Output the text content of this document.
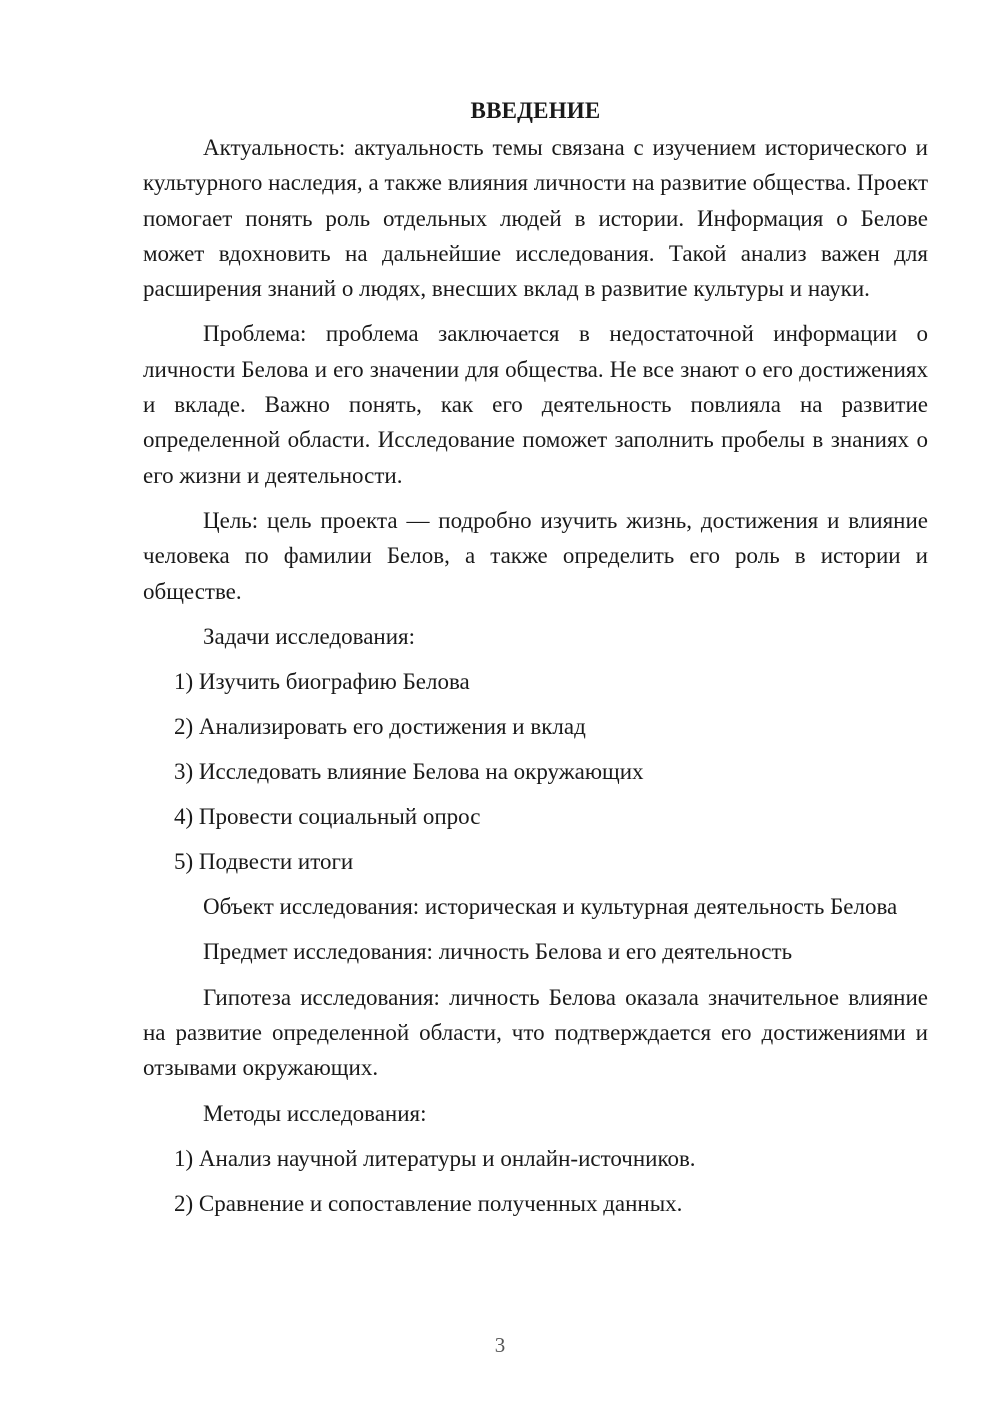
ВВЕДЕНИЕ

Актуальность: актуальность темы связана с изучением исторического и культурного наследия, а также влияния личности на развитие общества. Проект помогает понять роль отдельных людей в истории. Информация о Белове может вдохновить на дальнейшие исследования. Такой анализ важен для расширения знаний о людях, внесших вклад в развитие культуры и науки.

Проблема: проблема заключается в недостаточной информации о личности Белова и его значении для общества. Не все знают о его достижениях и вкладе. Важно понять, как его деятельность повлияла на развитие определенной области. Исследование поможет заполнить пробелы в знаниях о его жизни и деятельности.

Цель: цель проекта — подробно изучить жизнь, достижения и влияние человека по фамилии Белов, а также определить его роль в истории и обществе.

Задачи исследования:

1) Изучить биографию Белова
2) Анализировать его достижения и вклад
3) Исследовать влияние Белова на окружающих
4) Провести социальный опрос
5) Подвести итоги

Объект исследования: историческая и культурная деятельность Белова

Предмет исследования: личность Белова и его деятельность

Гипотеза исследования: личность Белова оказала значительное влияние на развитие определенной области, что подтверждается его достижениями и отзывами окружающих.

Методы исследования:

1) Анализ научной литературы и онлайн-источников.
2) Сравнение и сопоставление полученных данных.
3
